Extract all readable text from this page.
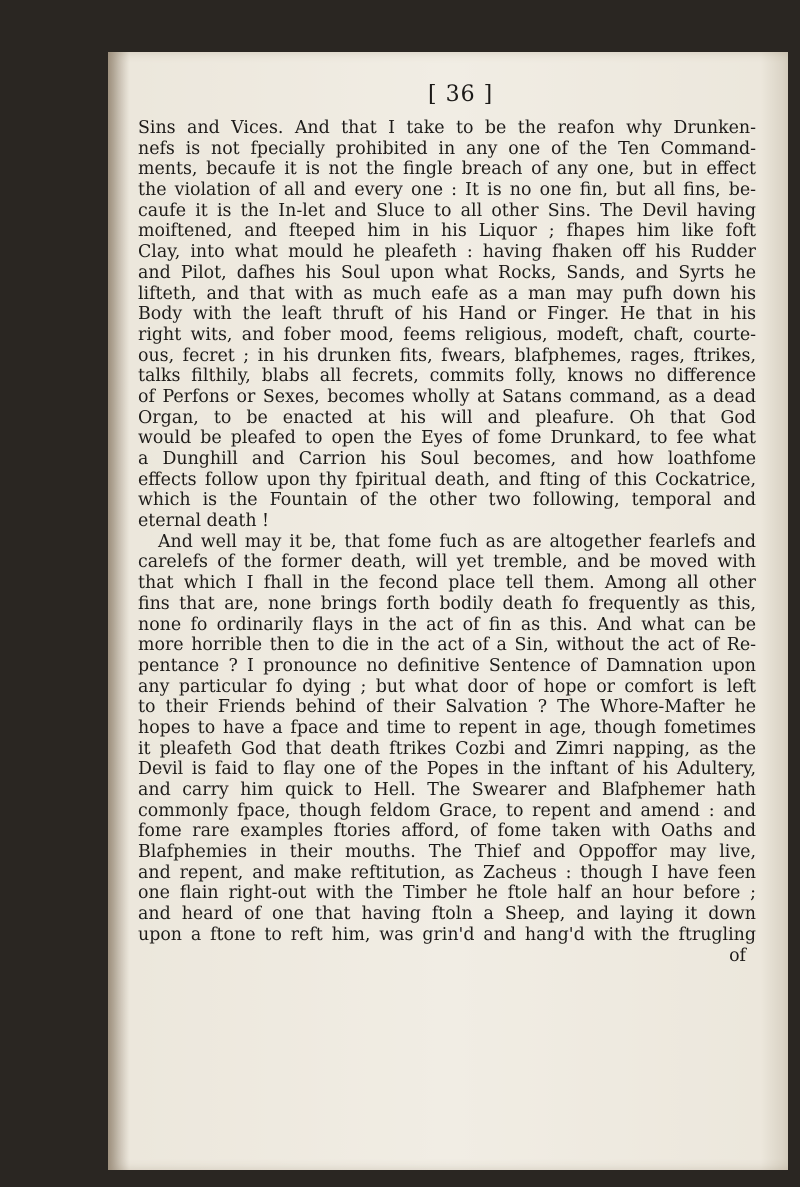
[ 36 ]
Sins and Vices. And that I take to be the reafon why Drunken-
nefs is not fpecially prohibited in any one of the Ten Command-
ments, becaufe it is not the fingle breach of any one, but in effect
the violation of all and every one : It is no one fin, but all fins, be-
caufe it is the In-let and Sluce to all other Sins. The Devil having
moiftened, and fteeped him in his Liquor ; fhapes him like foft
Clay, into what mould he pleafeth : having fhaken off his Rudder
and Pilot, dafhes his Soul upon what Rocks, Sands, and Syrts he
lifteth, and that with as much eafe as a man may pufh down his
Body with the leaft thruft of his Hand or Finger. He that in his
right wits, and fober mood, feems religious, modeft, chaft, courte-
ous, fecret ; in his drunken fits, fwears, blafphemes, rages, ftrikes,
talks filthily, blabs all fecrets, commits folly, knows no difference
of Perfons or Sexes, becomes wholly at Satans command, as a dead
Organ, to be enacted at his will and pleafure. Oh that God
would be pleafed to open the Eyes of fome Drunkard, to fee what
a Dunghill and Carrion his Soul becomes, and how loathfome
effects follow upon thy fpiritual death, and fting of this Cockatrice,
which is the Fountain of the other two following, temporal and
eternal death !
And well may it be, that fome fuch as are altogether fearlefs and
carelefs of the former death, will yet tremble, and be moved with
that which I fhall in the fecond place tell them. Among all other
fins that are, none brings forth bodily death fo frequently as this,
none fo ordinarily flays in the act of fin as this. And what can be
more horrible then to die in the act of a Sin, without the act of Re-
pentance ? I pronounce no definitive Sentence of Damnation upon
any particular fo dying ; but what door of hope or comfort is left
to their Friends behind of their Salvation ? The Whore-Mafter he
hopes to have a fpace and time to repent in age, though fometimes
it pleafeth God that death ftrikes Cozbi and Zimri napping, as the
Devil is faid to flay one of the Popes in the inftant of his Adultery,
and carry him quick to Hell. The Swearer and Blafphemer hath
commonly fpace, though feldom Grace, to repent and amend : and
fome rare examples ftories afford, of fome taken with Oaths and
Blafphemies in their mouths. The Thief and Oppoffor may live,
and repent, and make reftitution, as Zacheus : though I have feen
one flain right-out with the Timber he ftole half an hour before ;
and heard of one that having ftoln a Sheep, and laying it down
upon a ftone to reft him, was grin'd and hang'd with the ftrugling
of
